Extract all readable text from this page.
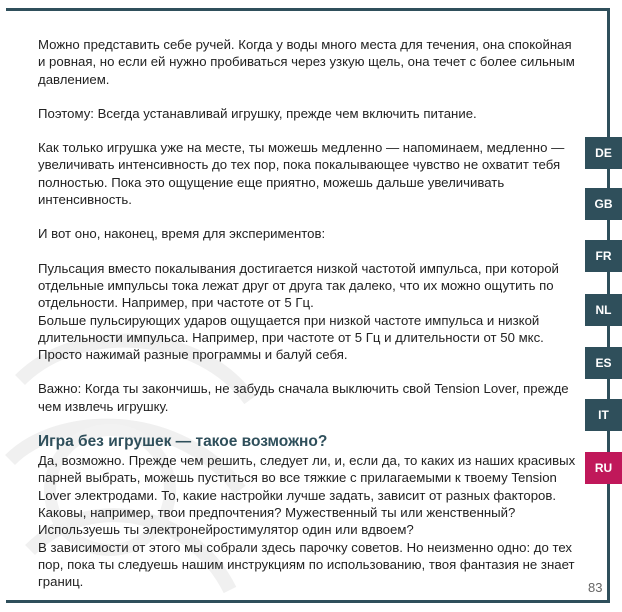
Можно представить себе ручей. Когда у воды много места для течения, она спокойная и ровная, но если ей нужно пробиваться через узкую щель, она течет с более сильным давлением.

Поэтому: Всегда устанавливай игрушку, прежде чем включить питание.

Как только игрушка уже на месте, ты можешь медленно — напоминаем, медленно — увеличивать интенсивность до тех пор, пока покалывающее чувство не охватит тебя полностью. Пока это ощущение еще приятно, можешь дальше увеличивать интенсивность.

И вот оно, наконец, время для экспериментов:

Пульсация вместо покалывания достигается низкой частотой импульса, при которой отдельные импульсы тока лежат друг от друга так далеко, что их можно ощутить по отдельности. Например, при частоте от 5 Гц.

Больше пульсирующих ударов ощущается при низкой частоте импульса и низкой длительности импульса. Например, при частоте от 5 Гц и длительности от 50 мкс. Просто нажимай разные программы и балуй себя.

Важно: Когда ты закончишь, не забудь сначала выключить свой Tension Lover, прежде чем извлечь игрушку.

Игра без игрушек — такое возможно?

Да, возможно. Прежде чем решить, следует ли, и, если да, то каких из наших красивых парней выбрать, можешь пуститься во все тяжкие с прилагаемыми к твоему Tension Lover электродами. То, какие настройки лучше задать, зависит от разных факторов. Каковы, например, твои предпочтения? Мужественный ты или женственный? Используешь ты электронейростимулятор один или вдвоем?

В зависимости от этого мы собрали здесь парочку советов. Но неизменно одно: до тех пор, пока ты следуешь нашим инструкциям по использованию, твоя фантазия не знает границ.

DE
GB
FR
NL
ES
IT
RU
83
